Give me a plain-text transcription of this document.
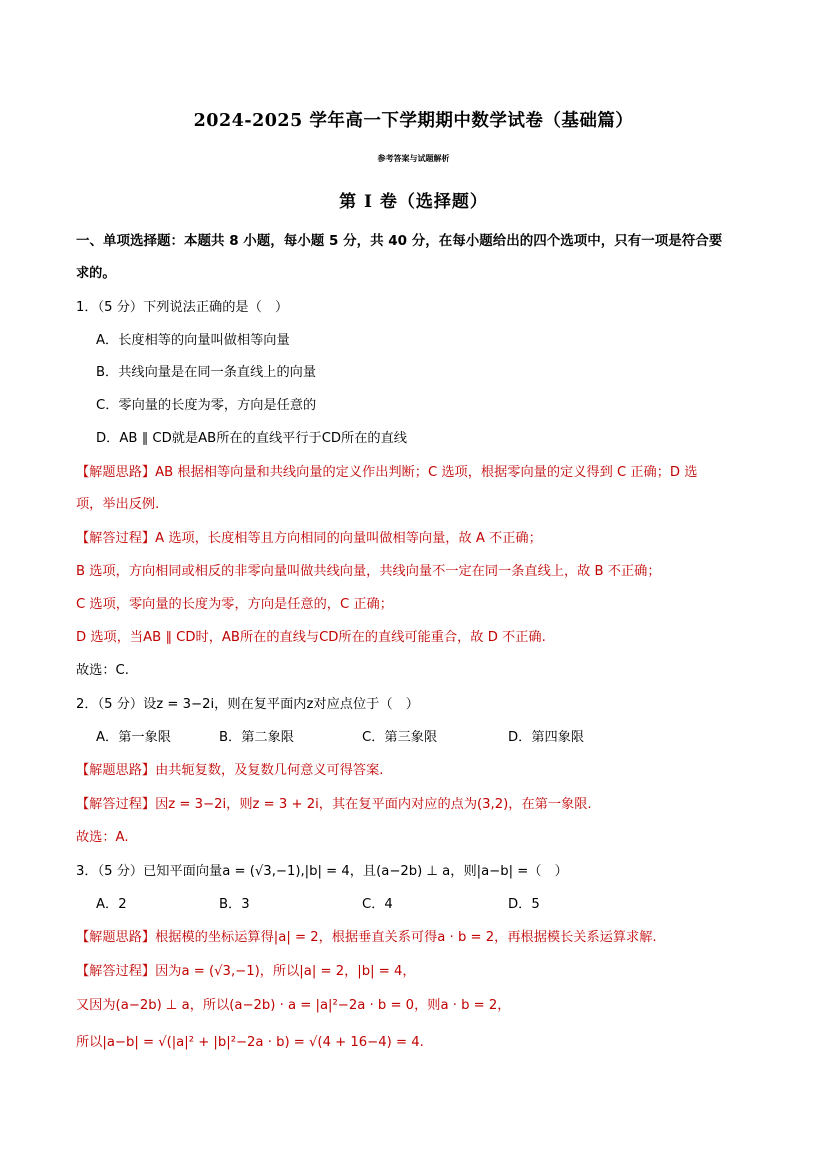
2024-2025 学年高一下学期期中数学试卷（基础篇）
参考答案与试题解析
第 I 卷（选择题）
一、单项选择题：本题共 8 小题，每小题 5 分，共 40 分，在每小题给出的四个选项中，只有一项是符合要
求的。
1．（5 分）下列说法正确的是（　）
A．长度相等的向量叫做相等向量
B．共线向量是在同一条直线上的向量
C．零向量的长度为零，方向是任意的
D．AB ∥ CD就是AB所在的直线平行于CD所在的直线
【解题思路】AB 根据相等向量和共线向量的定义作出判断；C 选项，根据零向量的定义得到 C 正确；D 选
项，举出反例.
【解答过程】A 选项，长度相等且方向相同的向量叫做相等向量，故 A 不正确；
B 选项，方向相同或相反的非零向量叫做共线向量，共线向量不一定在同一条直线上，故 B 不正确；
C 选项，零向量的长度为零，方向是任意的，C 正确；
D 选项，当AB ∥ CD时，AB所在的直线与CD所在的直线可能重合，故 D 不正确.
故选：C.
2．（5 分）设z = 3−2i，则在复平面内z对应点位于（　）
A．第一象限	B．第二象限	C．第三象限	D．第四象限
【解题思路】由共轭复数，及复数几何意义可得答案.
【解答过程】因z = 3−2i，则z = 3 + 2i，其在复平面内对应的点为(3,2)，在第一象限.
故选：A.
3．（5 分）已知平面向量a = (√3,−1),|b| = 4，且(a−2b) ⊥ a，则|a−b| =（　）
A．2	B．3	C．4	D．5
【解题思路】根据模的坐标运算得|a| = 2，根据垂直关系可得a · b = 2，再根据模长关系运算求解.
【解答过程】因为a = (√3,−1)，所以|a| = 2，|b| = 4，
又因为(a−2b) ⊥ a，所以(a−2b) · a = |a|²−2a · b = 0，则a · b = 2，
所以|a−b| = √(|a|² + |b|²−2a · b) = √(4 + 16−4) = 4.
